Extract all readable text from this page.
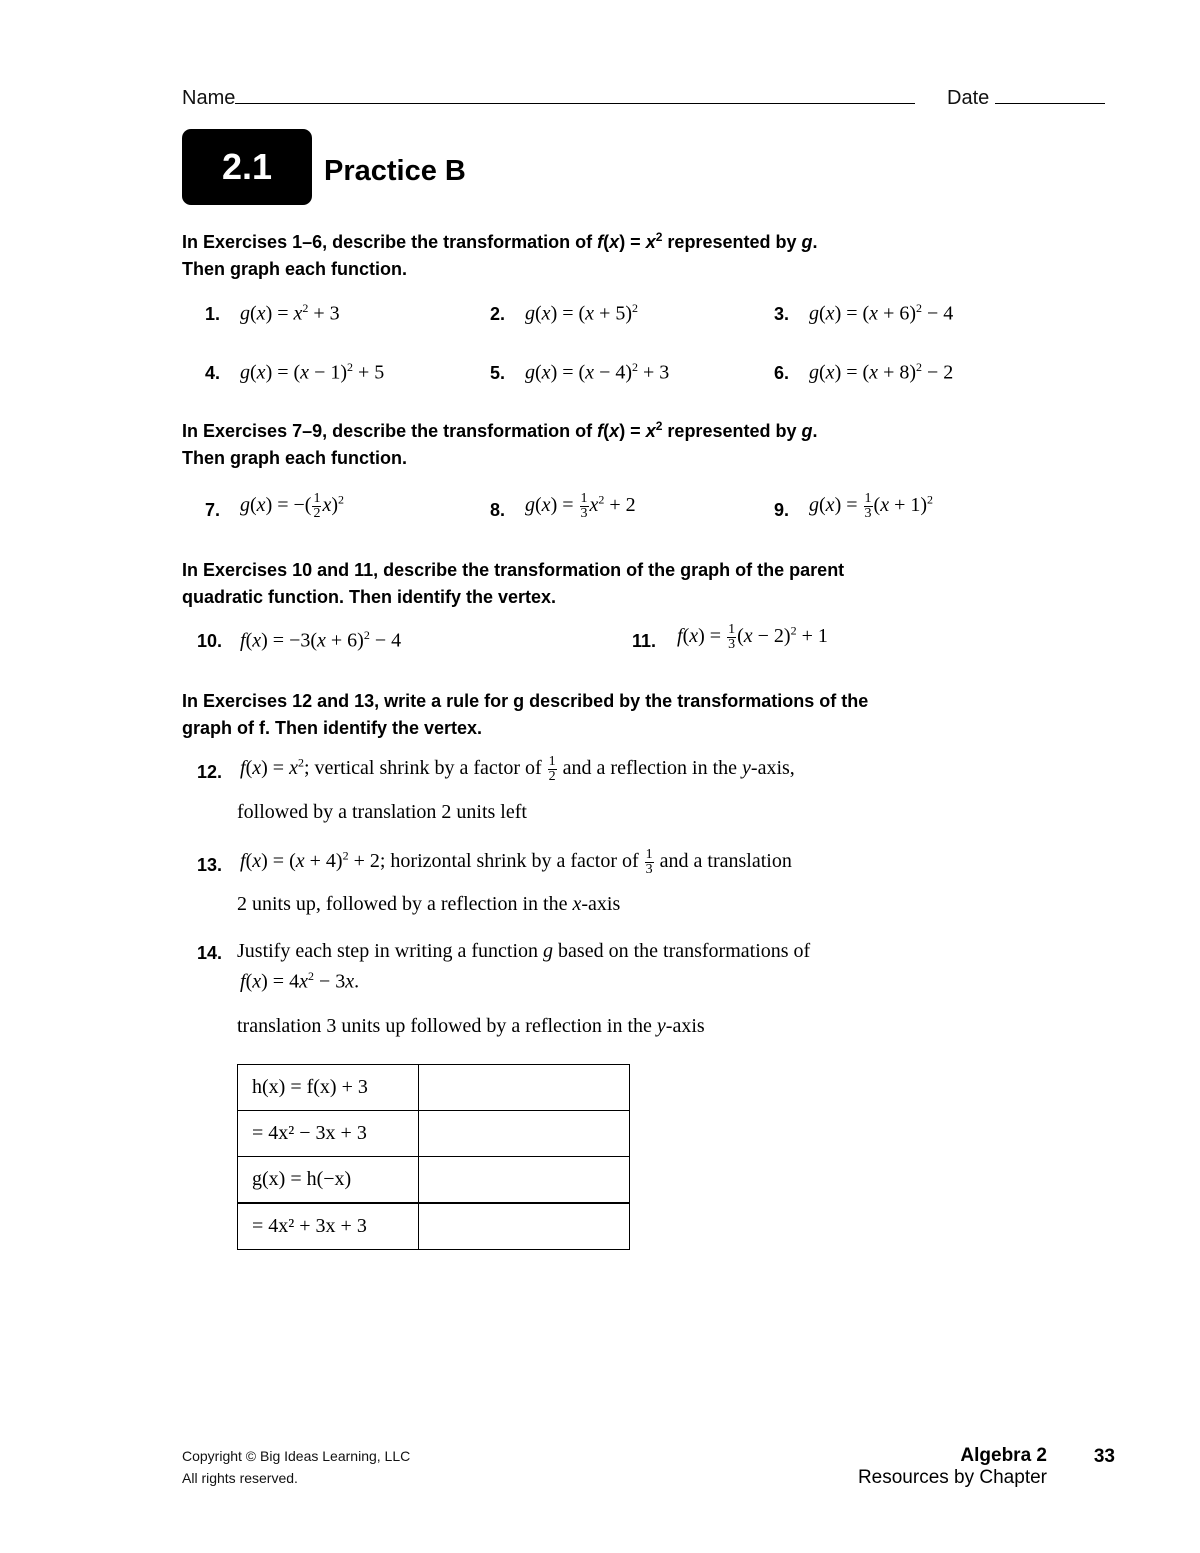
Name	Date
2.1	Practice B
In Exercises 1–6, describe the transformation of $f(x) = x^2$ represented by g.
Then graph each function.
1. $g(x) = x^2 + 3$	2. $g(x) = (x + 5)^2$	3. $g(x) = (x + 6)^2 - 4$
4. $g(x) = (x - 1)^2 + 5$	5. $g(x) = (x - 4)^2 + 3$	6. $g(x) = (x + 8)^2 - 2$
In Exercises 7–9, describe the transformation of $f(x) = x^2$ represented by g.
Then graph each function.
7. g(x) = −( $\frac{1}{2} x)^2$
8. $g(x) = \frac{1}{3} x^2 + 2$	9. $g(x) = \frac{1}{3} (x + 1)^2$
In Exercises 10 and 11, describe the transformation of the graph of the parent
quadratic function. Then identify the vertex.
10. $f(x) = -3(x + 6)^2 - 4$	11. $f(x) = \frac{1}{3} (x - 2)^2 + 1$
In Exercises 12 and 13, write a rule for g described by the transformations of the
graph of f. Then identify the vertex.
12. $f(x) = x^2$; vertical shrink by a factor of $\frac{1}{2}$ and a reflection in the y-axis,
followed by a translation 2 units left
13. $f(x) = (x + 4)^2 + 2$; horizontal shrink by a factor of $\frac{1}{3}$ and a translation
2 units up, followed by a reflection in the x-axis
14. Justify each step in writing a function g based on the transformations of
$f(x) = 4x^2 - 3x$.
translation 3 units up followed by a reflection in the y-axis
h(x) = f(x) + 3	
= 4x² − 3x + 3	
g(x) = h(−x)	
= 4x² + 3x + 3	
Copyright © Big Ideas Learning, LLC
All rights reserved.
Algebra 2
Resources by Chapter
33
